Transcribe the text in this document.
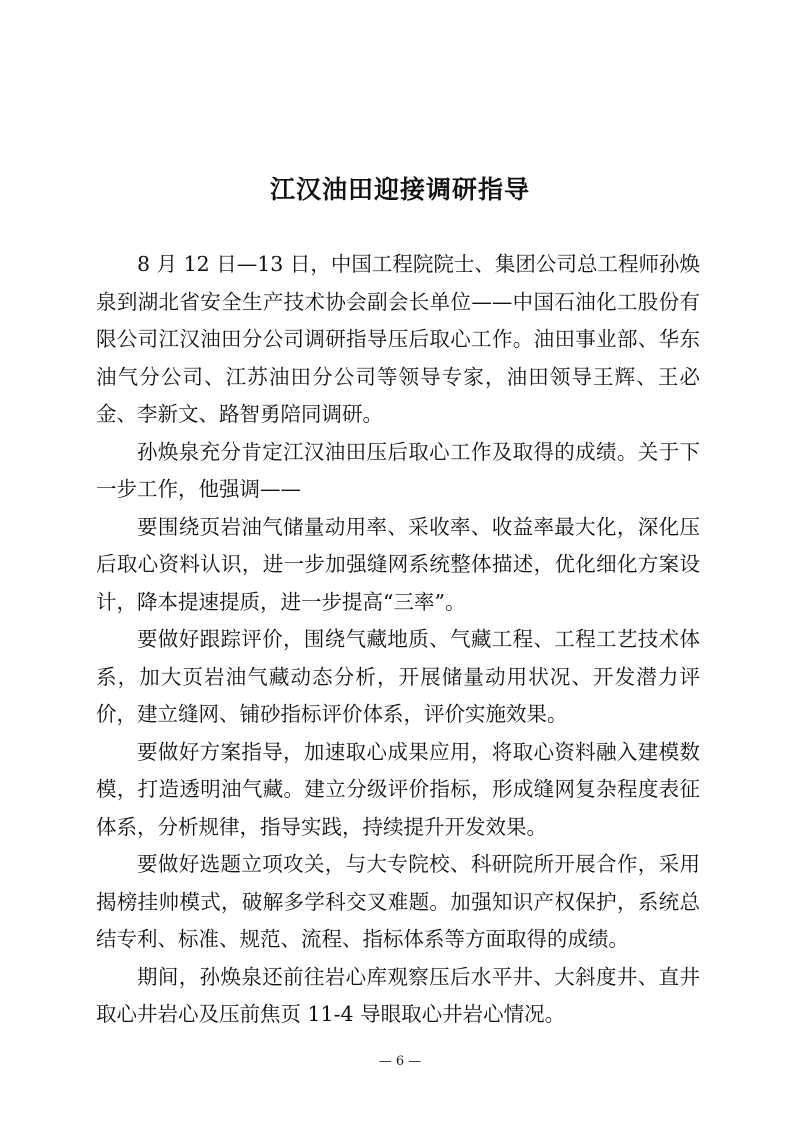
江汉油田迎接调研指导

8 月 12 日—13 日，中国工程院院士、集团公司总工程师孙焕泉到湖北省安全生产技术协会副会长单位——中国石油化工股份有限公司江汉油田分公司调研指导压后取心工作。油田事业部、华东油气分公司、江苏油田分公司等领导专家，油田领导王辉、王必金、李新文、路智勇陪同调研。

孙焕泉充分肯定江汉油田压后取心工作及取得的成绩。关于下一步工作，他强调——

要围绕页岩油气储量动用率、采收率、收益率最大化，深化压后取心资料认识，进一步加强缝网系统整体描述，优化细化方案设计，降本提速提质，进一步提高“三率”。

要做好跟踪评价，围绕气藏地质、气藏工程、工程工艺技术体系，加大页岩油气藏动态分析，开展储量动用状况、开发潜力评价，建立缝网、铺砂指标评价体系，评价实施效果。

要做好方案指导，加速取心成果应用，将取心资料融入建模数模，打造透明油气藏。建立分级评价指标，形成缝网复杂程度表征体系，分析规律，指导实践，持续提升开发效果。

要做好选题立项攻关，与大专院校、科研院所开展合作，采用揭榜挂帅模式，破解多学科交叉难题。加强知识产权保护，系统总结专利、标准、规范、流程、指标体系等方面取得的成绩。

期间，孙焕泉还前往岩心库观察压后水平井、大斜度井、直井取心井岩心及压前焦页 11-4 导眼取心井岩心情况。

— 6 —
